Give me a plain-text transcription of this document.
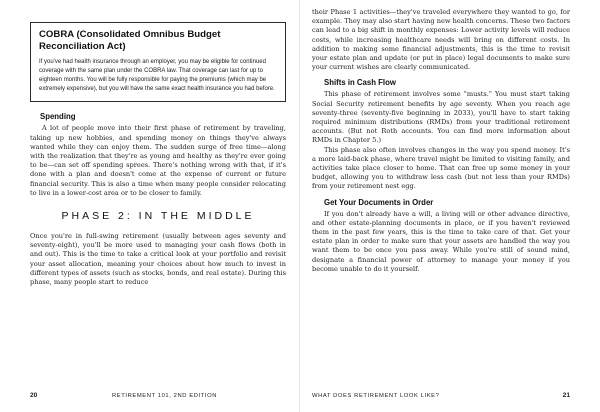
COBRA (Consolidated Omnibus Budget Reconciliation Act)

If you've had health insurance through an employer, you may be eligible for continued coverage with the same plan under the COBRA law. That coverage can last for up to eighteen months. You will be fully responsible for paying the premiums (which may be extremely expensive), but you will have the same exact health insurance you had before.

Spending

A lot of people move into their first phase of retirement by traveling, taking up new hobbies, and spending money on things they've always wanted while they can enjoy them. The sudden surge of free time—along with the realization that they're as young and healthy as they're ever going to be—can set off spending sprees. There's nothing wrong with that, if it's done with a plan and doesn't come at the expense of current or future financial security. This is also a time when many people consider relocating to live in a lower-cost area or to be closer to family.

PHASE 2: IN THE MIDDLE

Once you're in full-swing retirement (usually between ages seventy and seventy-eight), you'll be more used to managing your cash flows (both in and out). This is the time to take a critical look at your portfolio and revisit your asset allocation, meaning your choices about how much to invest in different types of assets (such as stocks, bonds, and real estate). During this phase, many people start to reduce

20	RETIREMENT 101, 2ND EDITION

their Phase 1 activities—they've traveled everywhere they wanted to go, for example. They may also start having new health concerns. These two factors can lead to a big shift in monthly expenses: Lower activity levels will reduce costs, while increasing healthcare needs will bring on different costs. In addition to making some financial adjustments, this is the time to revisit your estate plan and update (or put in place) legal documents to make sure your current wishes are clearly communicated.

Shifts in Cash Flow

This phase of retirement involves some "musts." You must start taking Social Security retirement benefits by age seventy. When you reach age seventy-three (seventy-five beginning in 2033), you'll have to start taking required minimum distributions (RMDs) from your traditional retirement accounts. (But not Roth accounts. You can find more information about RMDs in Chapter 5.)

This phase also often involves changes in the way you spend money. It's a more laid-back phase, where travel might be limited to visiting family, and activities take place closer to home. That can free up some money in your budget, allowing you to withdraw less cash (but not less than your RMDs) from your retirement nest egg.

Get Your Documents in Order

If you don't already have a will, a living will or other advance directive, and other estate-planning documents in place, or if you haven't reviewed them in the past few years, this is the time to take care of that. Get your estate plan in order to make sure that your assets are handled the way you want them to be once you pass away. While you're still of sound mind, designate a financial power of attorney to manage your money if you become unable to do it yourself.

WHAT DOES RETIREMENT LOOK LIKE?	21
